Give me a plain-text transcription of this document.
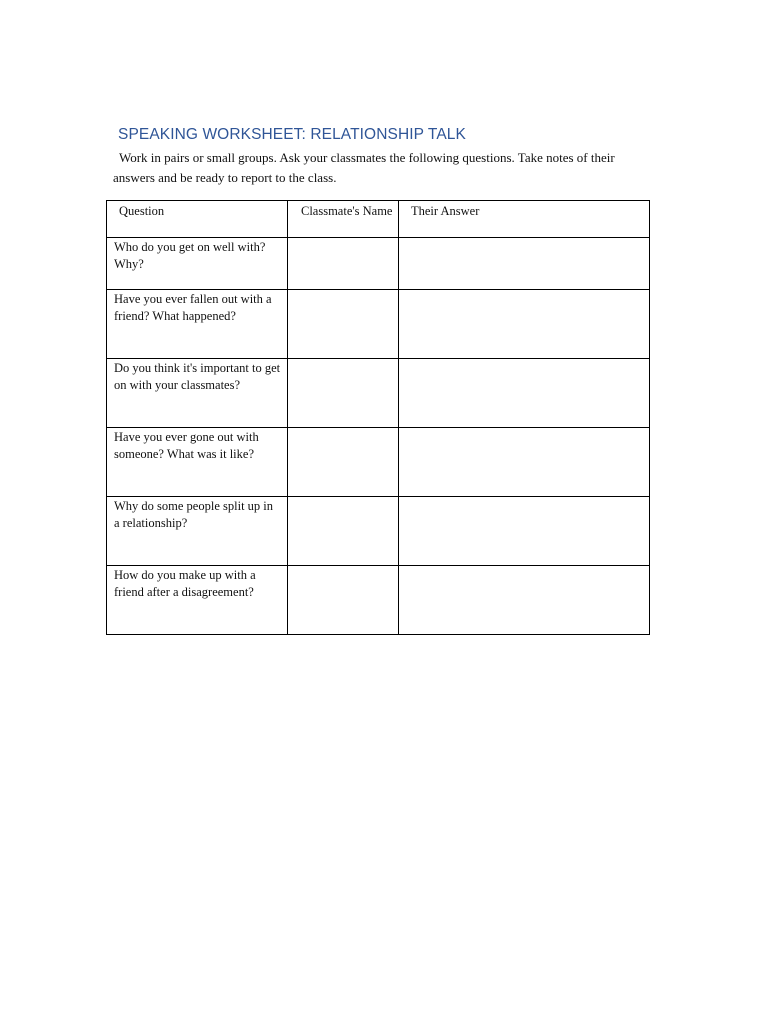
SPEAKING WORKSHEET: RELATIONSHIP TALK

Work in pairs or small groups. Ask your classmates the following questions. Take notes of their answers and be ready to report to the class.

Question	Classmate's Name	Their Answer
Who do you get on well with? Why?		
Have you ever fallen out with a friend? What happened?		
Do you think it's important to get on with your classmates?		
Have you ever gone out with someone? What was it like?		
Why do some people split up in a relationship?		
How do you make up with a friend after a disagreement?		
